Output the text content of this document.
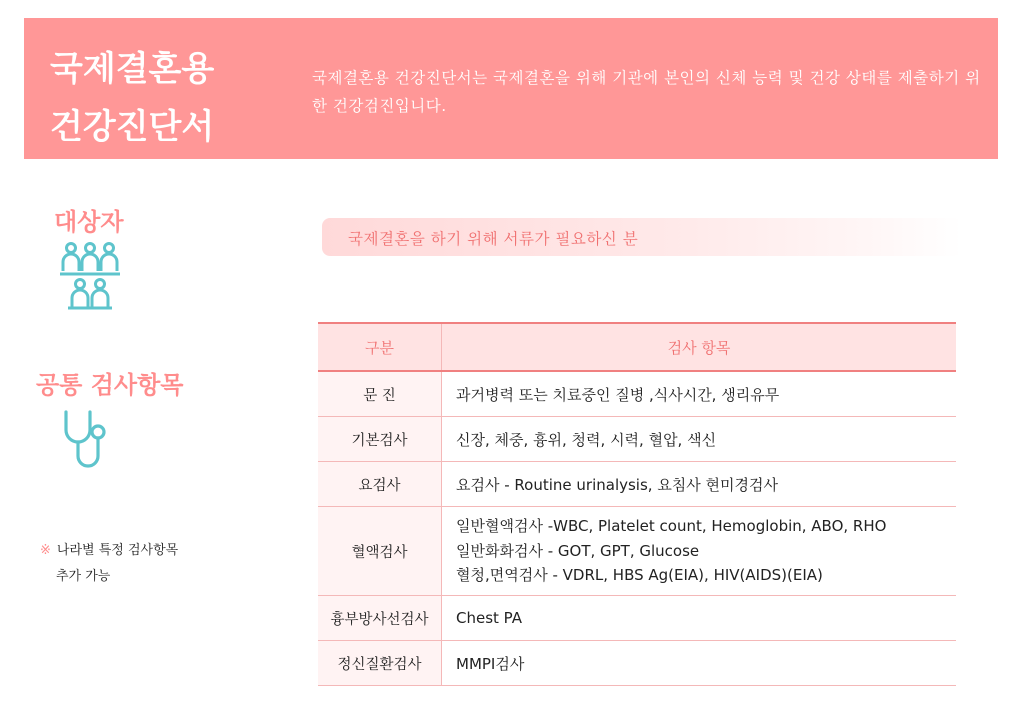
국제결혼용
건강진단서

국제결혼용 건강진단서는 국제결혼을 위해 기관에 본인의 신체 능력 및 건강 상태를 제출하기 위한 건강검진입니다.

대상자
공통 검사항목
※ 나라별 특정 검사항목
추가 가능
국제결혼을 하기 위해 서류가 필요하신 분
구분	검사 항목
문 진	과거병력 또는 치료중인 질병 ,식사시간, 생리유무
기본검사	신장, 체중, 흉위, 청력, 시력, 혈압, 색신
요검사	요검사 - Routine urinalysis, 요침사 현미경검사
혈액검사	일반혈액검사 -WBC, Platelet count, Hemoglobin, ABO, RHO
일반화화검사 - GOT, GPT, Glucose
혈청,면역검사 - VDRL, HBS Ag(EIA), HIV(AIDS)(EIA)

흉부방사선검사	Chest PA
정신질환검사	MMPI검사
